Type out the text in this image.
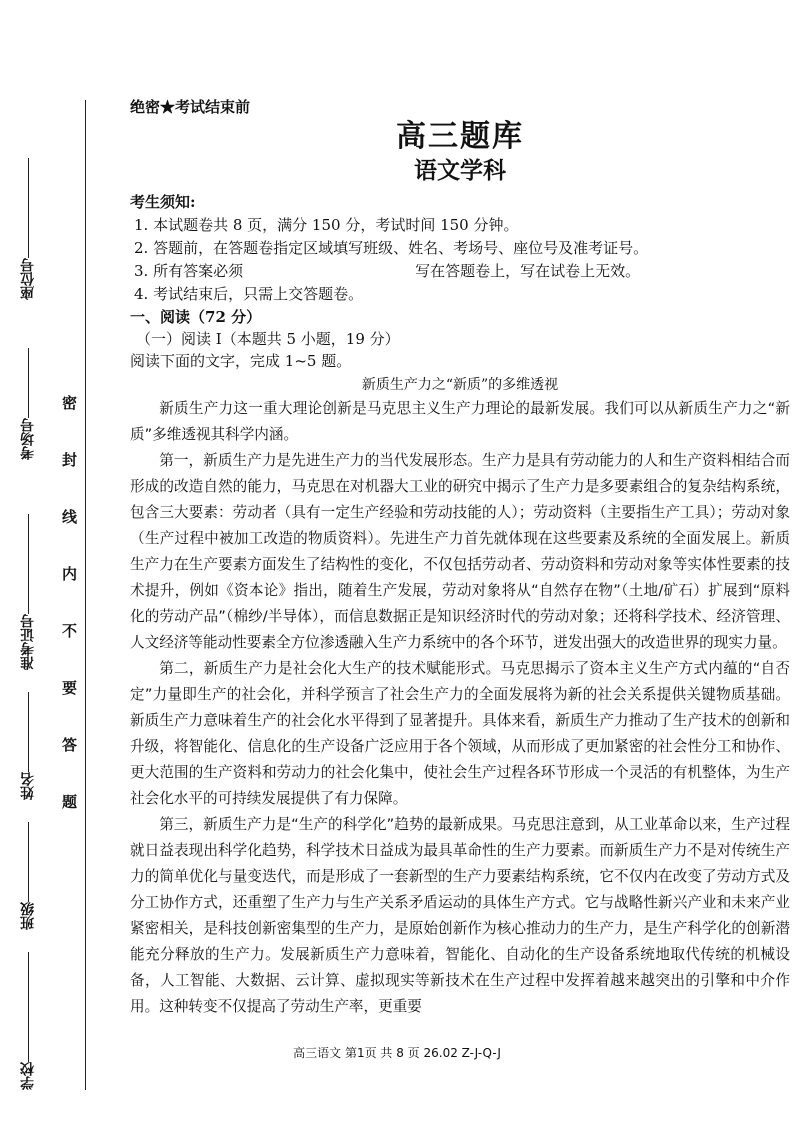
座位号
考场号
准考证号
姓名
班级
学校
密封线内不要答题

绝密★考试结束前

高三题库
语文学科

考生须知:

1. 本试题卷共 8 页，满分 150 分，考试时间 150 分钟。

2. 答题前，在答题卷指定区域填写班级、姓名、考场号、座位号及准考证号。

3. 所有答案必须	写在答题卷上，写在试卷上无效。

4. 考试结束后，只需上交答题卷。

一、阅读（72 分）

（一）阅读 I（本题共 5 小题，19 分）

阅读下面的文字，完成 1~5 题。

新质生产力之“新质”的多维透视

新质生产力这一重大理论创新是马克思主义生产力理论的最新发展。我们可以从新质生产力之“新质”多维透视其科学内涵。

第一，新质生产力是先进生产力的当代发展形态。生产力是具有劳动能力的人和生产资料相结合而形成的改造自然的能力，马克思在对机器大工业的研究中揭示了生产力是多要素组合的复杂结构系统，包含三大要素：劳动者（具有一定生产经验和劳动技能的人）；劳动资料（主要指生产工具）；劳动对象（生产过程中被加工改造的物质资料）。先进生产力首先就体现在这些要素及系统的全面发展上。新质生产力在生产要素方面发生了结构性的变化，不仅包括劳动者、劳动资料和劳动对象等实体性要素的技术提升，例如《资本论》指出，随着生产发展，劳动对象将从“自然存在物”（土地/矿石）扩展到“原料化的劳动产品”（棉纱/半导体），而信息数据正是知识经济时代的劳动对象；还将科学技术、经济管理、人文经济等能动性要素全方位渗透融入生产力系统中的各个环节，迸发出强大的改造世界的现实力量。

第二，新质生产力是社会化大生产的技术赋能形式。马克思揭示了资本主义生产方式内蕴的“自否定”力量即生产的社会化，并科学预言了社会生产力的全面发展将为新的社会关系提供关键物质基础。新质生产力意味着生产的社会化水平得到了显著提升。具体来看，新质生产力推动了生产技术的创新和升级，将智能化、信息化的生产设备广泛应用于各个领域，从而形成了更加紧密的社会性分工和协作、更大范围的生产资料和劳动力的社会化集中，使社会生产过程各环节形成一个灵活的有机整体，为生产社会化水平的可持续发展提供了有力保障。

第三，新质生产力是“生产的科学化”趋势的最新成果。马克思注意到，从工业革命以来，生产过程就日益表现出科学化趋势，科学技术日益成为最具革命性的生产力要素。而新质生产力不是对传统生产力的简单优化与量变迭代，而是形成了一套新型的生产力要素结构系统，它不仅内在改变了劳动方式及分工协作方式，还重塑了生产力与生产关系矛盾运动的具体生产方式。它与战略性新兴产业和未来产业紧密相关，是科技创新密集型的生产力，是原始创新作为核心推动力的生产力，是生产科学化的创新潜能充分释放的生产力。发展新质生产力意味着，智能化、自动化的生产设备系统地取代传统的机械设备，人工智能、大数据、云计算、虚拟现实等新技术在生产过程中发挥着越来越突出的引擎和中介作用。这种转变不仅提高了劳动生产率，更重要

高三语文 第1页 共 8 页 26.02 Z-J-Q-J
